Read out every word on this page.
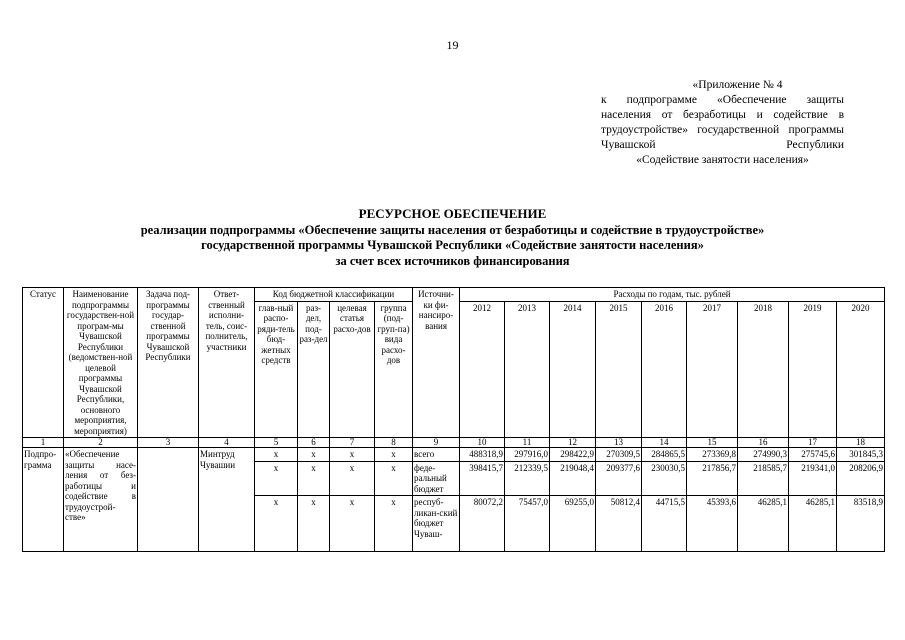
19
«Приложение № 4
к подпрограмме «Обеспечение защиты населения от безработицы и содействие в трудоустройстве» государственной программы Чувашской Республики
«Содействие занятости населения»
РЕСУРСНОЕ ОБЕСПЕЧЕНИЕ
реализации подпрограммы «Обеспечение защиты населения от безработицы и содействие в трудоустройстве»
государственной программы Чувашской Республики «Содействие занятости населения»
за счет всех источников финансирования
Статус	Наименование подпрограммы государствен-ной програм-мы Чувашской Республики (ведомствен-ной целевой программы Чувашской Республики, основного мероприятия, мероприятия)	Задача под-программы государ-ственной программы Чувашской Республики	Ответ-ственный исполни-тель, соис-полнитель, участники	Код бюджетной классификации				Источни-ки фи-нансиро-вания	Расходы по годам, тыс. рублей								
				глав-ный распо-ряди-тель бюд-жетных средств	раз-дел, под-раз-дел	целевая статья расхо-дов	группа (под-груп-па) вида расхо-дов		2012	2013	2014	2015	2016	2017	2018	2019	2020

1	2	3	4	5	6	7	8	9	10	11	12	13	14	15	16	17	18
Подпро-грамма	«Обеспечение защиты насе-ления от без-работицы и содействие в трудоустрой-стве»		Минтруд Чувашии	х	х	х	х	всего	488318,9	297916,0	298422,9	270309,5	284865,5	273369,8	274990,3	275745,6	301845,3
				х	х	х	х	феде-ральный бюджет	398415,7	212339,5	219048,4	209377,6	230030,5	217856,7	218585,7	219341,0	208206,9
				х	х	х	х	респуб-ликан-ский бюджет Чуваш-	80072,2	75457,0	69255,0	50812,4	44715,5	45393,6	46285,1	46285,1	83518,9
